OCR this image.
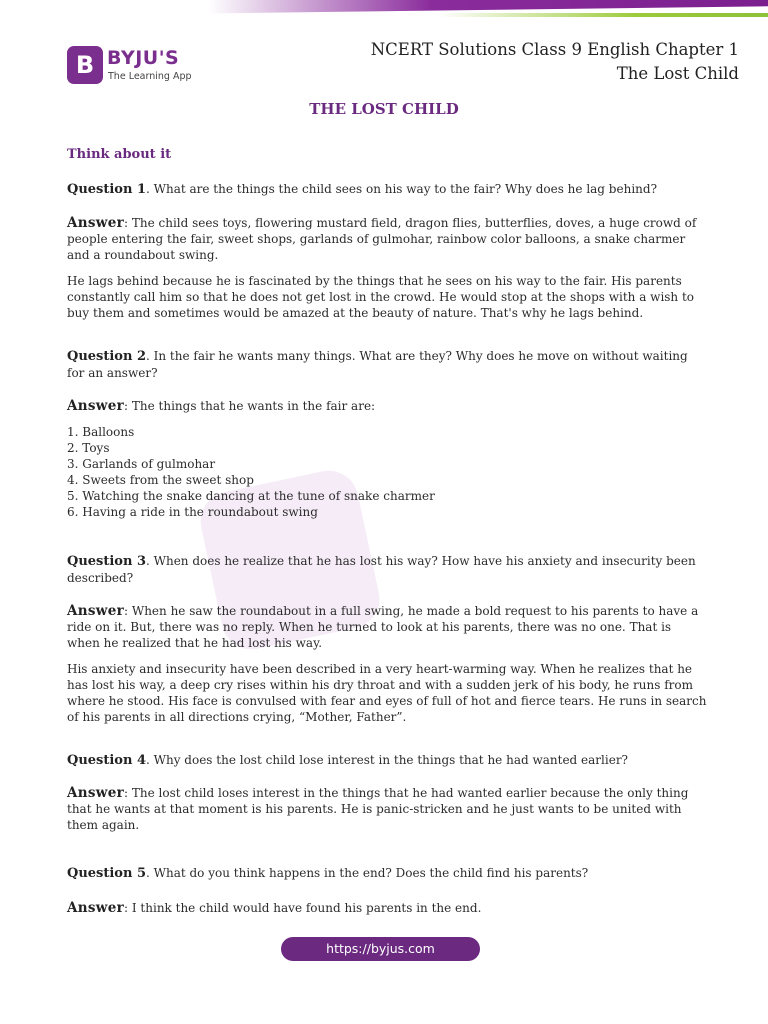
B BYJU'S
The Learning App
NCERT Solutions Class 9 English Chapter 1
The Lost Child
THE LOST CHILD

Think about it

Question 1. What are the things the child sees on his way to the fair? Why does he lag behind?

Answer: The child sees toys, flowering mustard field, dragon flies, butterflies, doves, a huge crowd of people entering the fair, sweet shops, garlands of gulmohar, rainbow color balloons, a snake charmer and a roundabout swing.

He lags behind because he is fascinated by the things that he sees on his way to the fair. His parents constantly call him so that he does not get lost in the crowd. He would stop at the shops with a wish to buy them and sometimes would be amazed at the beauty of nature. That's why he lags behind.

Question 2. In the fair he wants many things. What are they? Why does he move on without waiting for an answer?

Answer: The things that he wants in the fair are:

1. Balloons
2. Toys
3. Garlands of gulmohar
4. Sweets from the sweet shop
5. Watching the snake dancing at the tune of snake charmer
6. Having a ride in the roundabout swing

Question 3. When does he realize that he has lost his way? How have his anxiety and insecurity been described?

Answer: When he saw the roundabout in a full swing, he made a bold request to his parents to have a ride on it. But, there was no reply. When he turned to look at his parents, there was no one. That is when he realized that he had lost his way.

His anxiety and insecurity have been described in a very heart-warming way. When he realizes that he has lost his way, a deep cry rises within his dry throat and with a sudden jerk of his body, he runs from where he stood. His face is convulsed with fear and eyes of full of hot and fierce tears. He runs in search of his parents in all directions crying, “Mother, Father”.

Question 4. Why does the lost child lose interest in the things that he had wanted earlier?

Answer: The lost child loses interest in the things that he had wanted earlier because the only thing that he wants at that moment is his parents. He is panic-stricken and he just wants to be united with them again.

Question 5. What do you think happens in the end? Does the child find his parents?

Answer: I think the child would have found his parents in the end.

https://byjus.com
